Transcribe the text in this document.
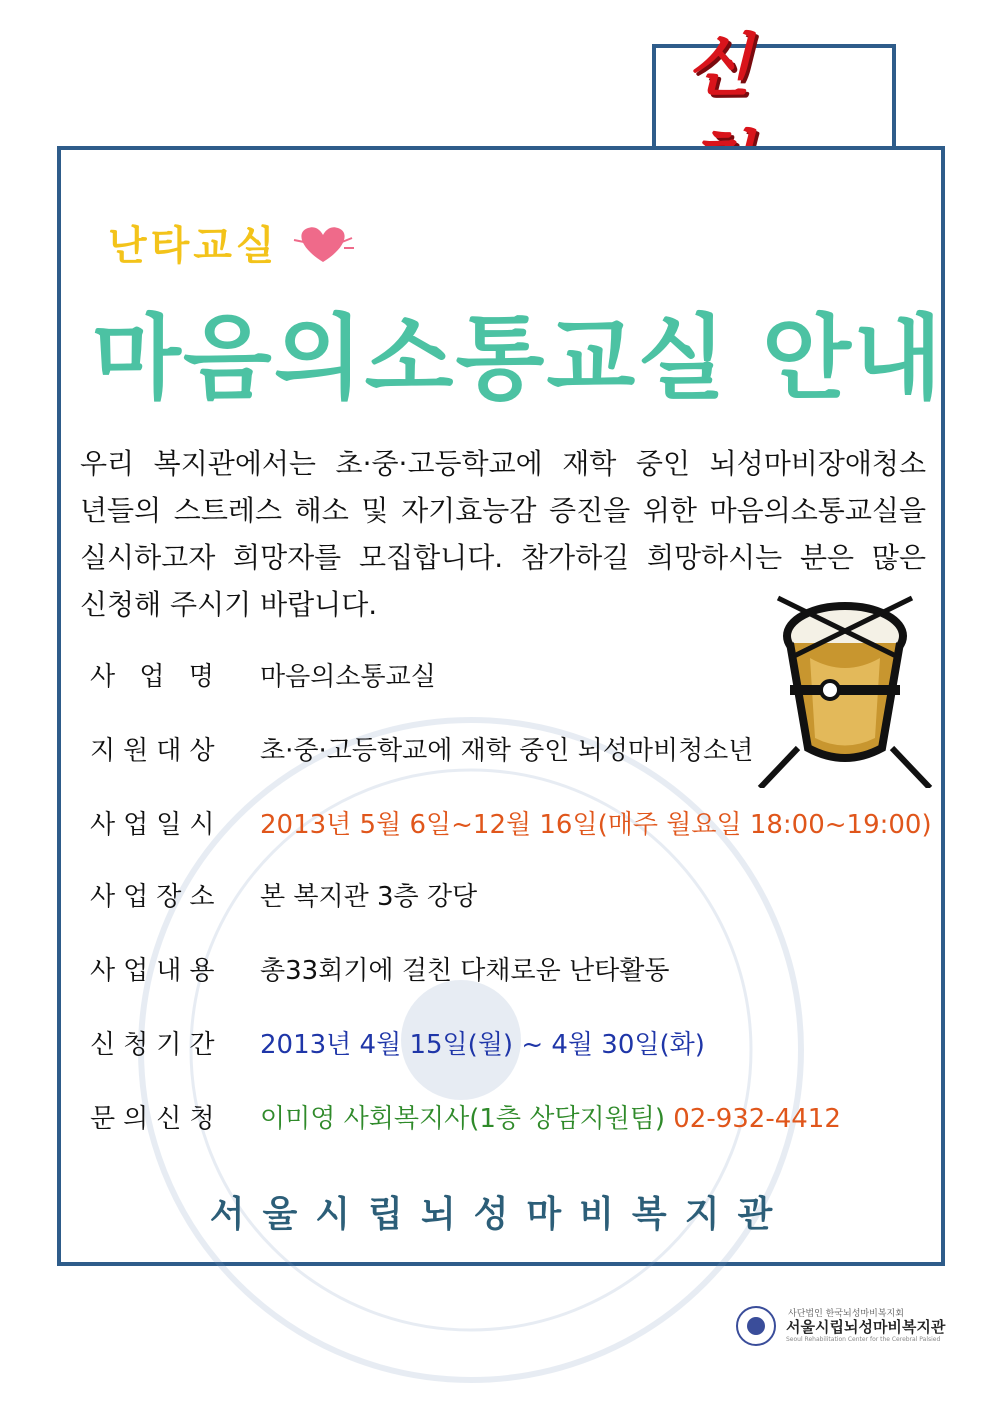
신
난타교실
마음의소통교실 안내
우리 복지관에서는 초·중·고등학교에 재학 중인 뇌성마비장애청소
년들의 스트레스 해소 및 자기효능감 증진을 위한 마음의소통교실을
실시하고자 희망자를 모집합니다. 참가하길 희망하시는 분은 많은
신청해 주시기 바랍니다.
사 업 명 마음의소통교실
지원대상 초·중·고등학교에 재학 중인 뇌성마비청소년
사업일시 2013년 5월 6일~12월 16일(매주 월요일 18:00~19:00)
사업장소 본 복지관 3층 강당
사업내용 총33회기에 걸친 다채로운 난타활동
신청기간 2013년 4월 15일(월) ~ 4월 30일(화)
문의신청 이미영 사회복지사(1층 상담지원팀) 02-932-4412
서울시립뇌성마비복지관
사단법인 한국뇌성마비복지회
서울시립뇌성마비복지관
Seoul Rehabilitation Center for the Cerebral Palsied
